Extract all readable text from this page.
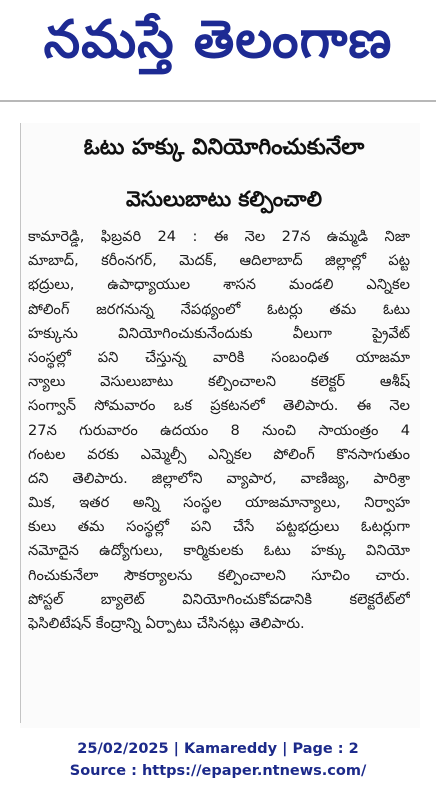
నమస్తే తెలంగాణ
ఓటు హక్కు వినియోగించుకునేలా
వెసులుబాటు కల్పించాలి
కామారెడ్డి, ఫిబ్రవరి 24 : ఈ నెల 27న ఉమ్మడి నిజా
మాబాద్, కరీంనగర్, మెదక్, ఆదిలాబాద్ జిల్లాల్లో పట్ట
భద్రులు, ఉపాధ్యాయుల శాసన మండలి ఎన్నికల
పోలింగ్ జరగనున్న నేపథ్యంలో ఓటర్లు తమ ఓటు
హక్కును వినియోగించుకునేందుకు వీలుగా ప్రైవేట్
సంస్థల్లో పని చేస్తున్న వారికి సంబంధిత యాజమా
న్యాలు వెసులుబాటు కల్పించాలని కలెక్టర్ ఆశీష్
సంగ్వాన్ సోమవారం ఒక ప్రకటనలో తెలిపారు. ఈ నెల
27న గురువారం ఉదయం 8 నుంచి సాయంత్రం 4
గంటల వరకు ఎమ్మెల్సీ ఎన్నికల పోలింగ్ కొనసాగుతుం
దని తెలిపారు. జిల్లాలోని వ్యాపార, వాణిజ్య, పారిశ్రా
మిక, ఇతర అన్ని సంస్థల యాజమాన్యాలు, నిర్వాహ
కులు తమ సంస్థల్లో పని చేసే పట్టభద్రులు ఓటర్లుగా
నమోదైన ఉద్యోగులు, కార్మికులకు ఓటు హక్కు వినియో
గించుకునేలా సౌకర్యాలను కల్పించాలని సూచిం చారు.
పోస్టల్ బ్యాలెట్ వినియోగించుకోవడానికి కలెక్టరేట్‌లో
ఫెసిలిటేషన్ కేంద్రాన్ని ఏర్పాటు చేసినట్లు తెలిపారు.
25/02/2025 | Kamareddy | Page : 2
Source : https://epaper.ntnews.com/
